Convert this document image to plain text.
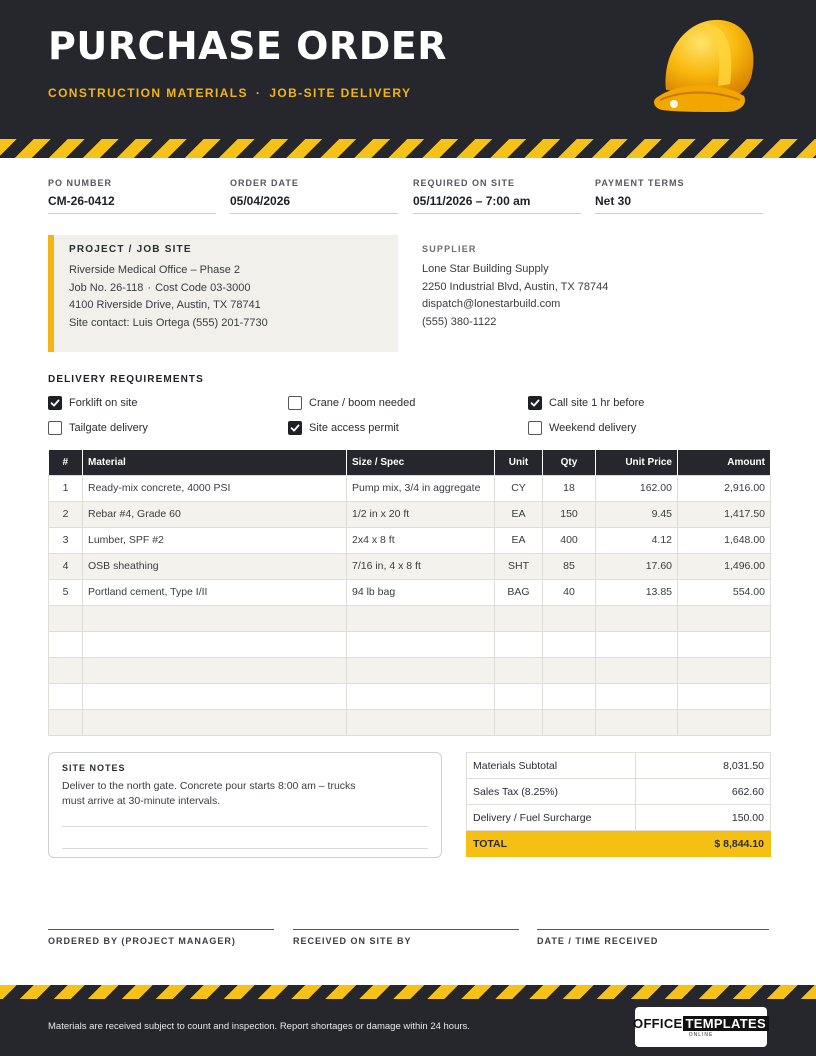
PURCHASE ORDER
CONSTRUCTION MATERIALS · JOB-SITE DELIVERY
PO NUMBER
CM-26-0412
ORDER DATE
05/04/2026
REQUIRED ON SITE
05/11/2026 – 7:00 am
PAYMENT TERMS
Net 30
PROJECT / JOB SITE
Riverside Medical Office – Phase 2
Job No. 26-118 · Cost Code 03-3000
4100 Riverside Drive, Austin, TX 78741
Site contact: Luis Ortega (555) 201-7730
SUPPLIER
Lone Star Building Supply
2250 Industrial Blvd, Austin, TX 78744
dispatch@lonestarbuild.com
(555) 380-1122
DELIVERY REQUIREMENTS
Forklift on site	Crane / boom needed	Call site 1 hr before
Tailgate delivery	Site access permit	Weekend delivery
#	Material	Size / Spec	Unit	Qty	Unit Price	Amount
1	Ready-mix concrete, 4000 PSI	Pump mix, 3/4 in aggregate	CY	18	162.00	2,916.00
2	Rebar #4, Grade 60	1/2 in x 20 ft	EA	150	9.45	1,417.50
3	Lumber, SPF #2	2x4 x 8 ft	EA	400	4.12	1,648.00
4	OSB sheathing	7/16 in, 4 x 8 ft	SHT	85	17.60	1,496.00
5	Portland cement, Type I/II	94 lb bag	BAG	40	13.85	554.00

SITE NOTES
Deliver to the north gate. Concrete pour starts 8:00 am – trucks must arrive at 30-minute intervals.
Materials Subtotal	8,031.50
Sales Tax (8.25%)	662.60
Delivery / Fuel Surcharge	150.00
TOTAL	$ 8,844.10
ORDERED BY (PROJECT MANAGER)	RECEIVED ON SITE BY	DATE / TIME RECEIVED
Materials are received subject to count and inspection. Report shortages or damage within 24 hours.	OFFICE TEMPLATES
ONLINE
